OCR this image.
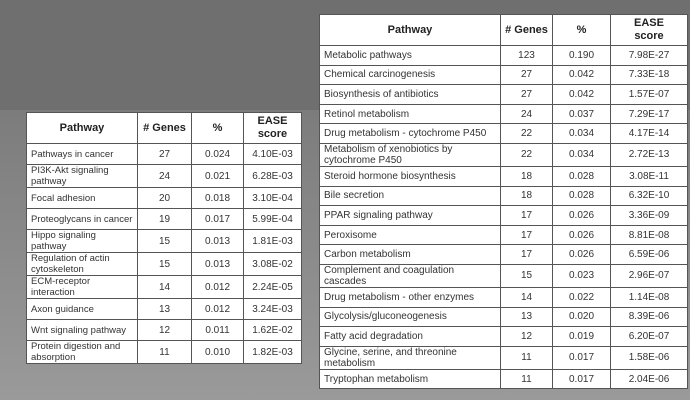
Pathway	# Genes	%	EASE
score
Pathways in cancer	27	0.024	4.10E-03
PI3K-Akt signaling pathway	24	0.021	6.28E-03
Focal adhesion	20	0.018	3.10E-04
Proteoglycans in cancer	19	0.017	5.99E-04
Hippo signaling pathway	15	0.013	1.81E-03
Regulation of actin cytoskeleton	15	0.013	3.08E-02
ECM-receptor interaction	14	0.012	2.24E-05
Axon guidance	13	0.012	3.24E-03
Wnt signaling pathway	12	0.011	1.62E-02
Protein digestion and absorption	11	0.010	1.82E-03
Pathway	# Genes	%	EASE
score
Metabolic pathways	123	0.190	7.98E-27
Chemical carcinogenesis	27	0.042	7.33E-18
Biosynthesis of antibiotics	27	0.042	1.57E-07
Retinol metabolism	24	0.037	7.29E-17
Drug metabolism - cytochrome P450	22	0.034	4.17E-14
Metabolism of xenobiotics by cytochrome P450	22	0.034	2.72E-13
Steroid hormone biosynthesis	18	0.028	3.08E-11
Bile secretion	18	0.028	6.32E-10
PPAR signaling pathway	17	0.026	3.36E-09
Peroxisome	17	0.026	8.81E-08
Carbon metabolism	17	0.026	6.59E-06
Complement and coagulation cascades	15	0.023	2.96E-07
Drug metabolism - other enzymes	14	0.022	1.14E-08
Glycolysis/gluconeogenesis	13	0.020	8.39E-06
Fatty acid degradation	12	0.019	6.20E-07
Glycine, serine, and threonine metabolism	11	0.017	1.58E-06
Tryptophan metabolism	11	0.017	2.04E-06
